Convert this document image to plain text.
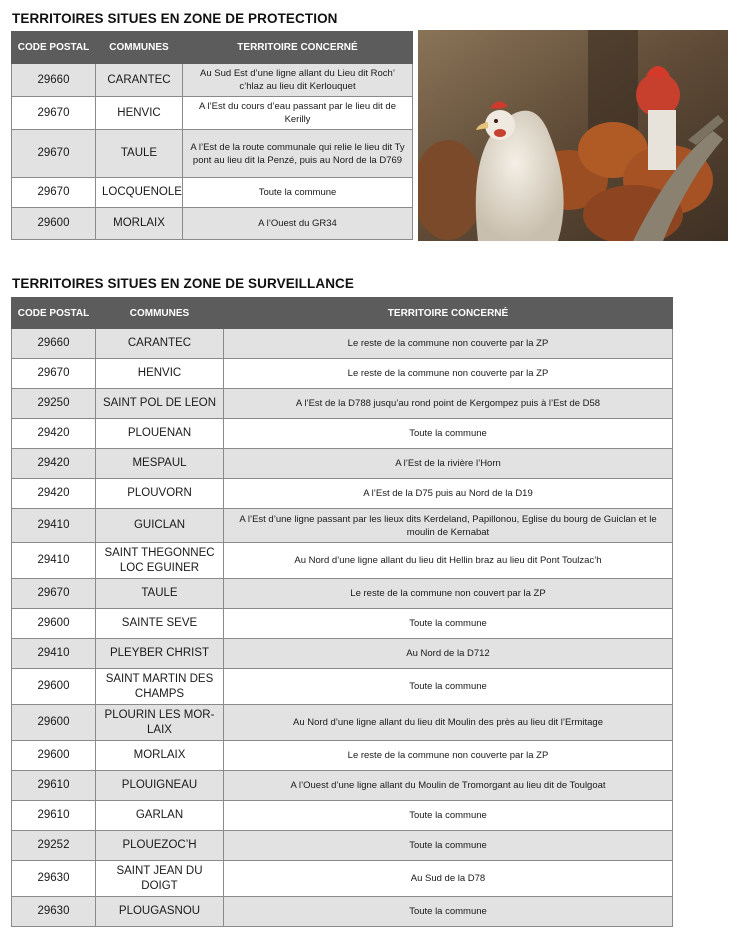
TERRITOIRES SITUES EN ZONE DE PROTECTION
CODE POSTAL	COMMUNES	TERRITOIRE CONCERNÉ
29660	CARANTEC	Au Sud Est d’une ligne allant du Lieu dit Roch’ c’hlaz au lieu dit Kerlouquet
29670	HENVIC	A l’Est du cours d’eau passant par le lieu dit de Kerilly
29670	TAULE	A l’Est de la route communale qui relie le lieu dit Ty pont au lieu dit la Penzé, puis au Nord de la D769
29670	LOCQUENOLE	Toute la commune
29600	MORLAIX	A l’Ouest du GR34
TERRITOIRES SITUES EN ZONE DE SURVEILLANCE
CODE POSTAL	COMMUNES	TERRITOIRE CONCERNÉ
29660	CARANTEC	Le reste de la commune non couverte par la ZP
29670	HENVIC	Le reste de la commune non couverte par la ZP
29250	SAINT POL DE LEON	A l’Est de la D788 jusqu’au rond point de Kergompez puis à l’Est de D58
29420	PLOUENAN	Toute la commune
29420	MESPAUL	A l’Est de la rivière l’Horn
29420	PLOUVORN	A l’Est de la D75 puis au Nord de la D19
29410	GUICLAN	A l’Est d’une ligne passant par les lieux dits Kerdeland, Papillonou, Eglise du bourg de Guiclan et le moulin de Kernabat
29410	SAINT THEGONNEC LOC EGUINER	Au Nord d’une ligne allant du lieu dit Hellin braz au lieu dit Pont Toulzac’h
29670	TAULE	Le reste de la commune non couvert par la ZP
29600	SAINTE SEVE	Toute la commune
29410	PLEYBER CHRIST	Au Nord de la D712
29600	SAINT MARTIN DES CHAMPS	Toute la commune
29600	PLOURIN LES MOR-LAIX	Au Nord d’une ligne allant du lieu dit Moulin des près au lieu dit l’Ermitage
29600	MORLAIX	Le reste de la commune non couverte par la ZP
29610	PLOUIGNEAU	A l’Ouest d’une ligne allant du Moulin de Tromorgant au lieu dit de Toulgoat
29610	GARLAN	Toute la commune
29252	PLOUEZOC’H	Toute la commune
29630	SAINT JEAN DU DOIGT	Au Sud de la D78
29630	PLOUGASNOU	Toute la commune
